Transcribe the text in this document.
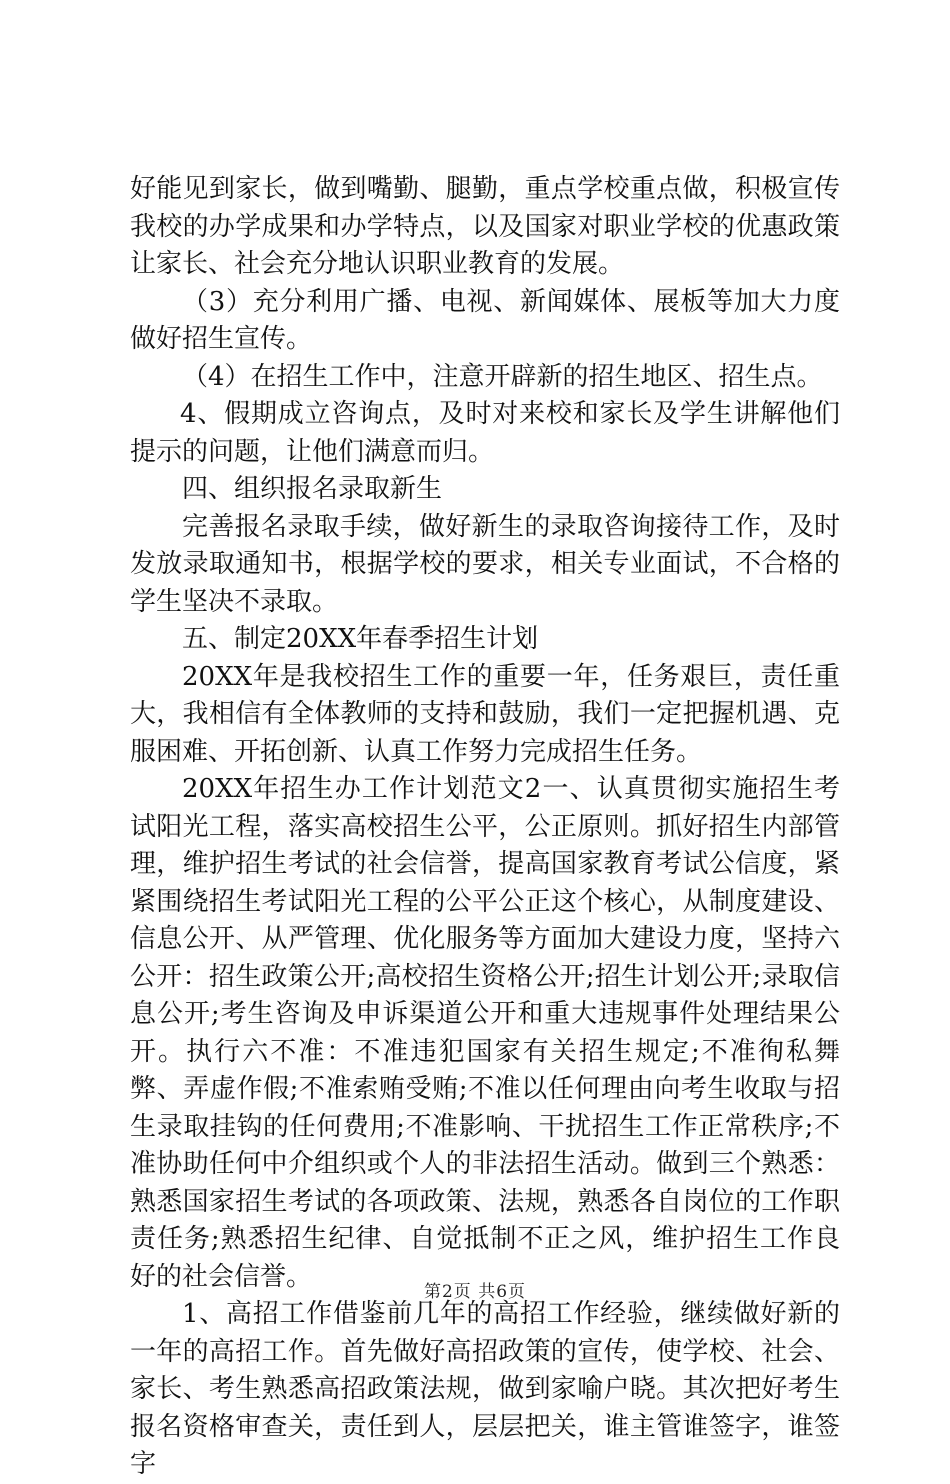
好能见到家长，做到嘴勤、腿勤，重点学校重点做，积极宣传我校的办学成果和办学特点，以及国家对职业学校的优惠政策让家长、社会充分地认识职业教育的发展。

（3）充分利用广播、电视、新闻媒体、展板等加大力度做好招生宣传。

（4）在招生工作中，注意开辟新的招生地区、招生点。

4、假期成立咨询点，及时对来校和家长及学生讲解他们提示的问题，让他们满意而归。

四、组织报名录取新生

完善报名录取手续，做好新生的录取咨询接待工作，及时发放录取通知书，根据学校的要求，相关专业面试，不合格的学生坚决不录取。

五、制定20XX年春季招生计划

20XX年是我校招生工作的重要一年，任务艰巨，责任重大，我相信有全体教师的支持和鼓励，我们一定把握机遇、克服困难、开拓创新、认真工作努力完成招生任务。

20XX年招生办工作计划范文2一、认真贯彻实施招生考试阳光工程，落实高校招生公平，公正原则。抓好招生内部管理，维护招生考试的社会信誉，提高国家教育考试公信度，紧紧围绕招生考试阳光工程的公平公正这个核心，从制度建设、信息公开、从严管理、优化服务等方面加大建设力度，坚持六公开：招生政策公开;高校招生资格公开;招生计划公开;录取信息公开;考生咨询及申诉渠道公开和重大违规事件处理结果公开。执行六不准：不准违犯国家有关招生规定;不准徇私舞弊、弄虚作假;不准索贿受贿;不准以任何理由向考生收取与招生录取挂钩的任何费用;不准影响、干扰招生工作正常秩序;不准协助任何中介组织或个人的非法招生活动。做到三个熟悉：熟悉国家招生考试的各项政策、法规，熟悉各自岗位的工作职责任务;熟悉招生纪律、自觉抵制不正之风，维护招生工作良好的社会信誉。

1、高招工作借鉴前几年的高招工作经验，继续做好新的一年的高招工作。首先做好高招政策的宣传，使学校、社会、家长、考生熟悉高招政策法规，做到家喻户晓。其次把好考生报名资格审查关，责任到人，层层把关，谁主管谁签字，谁签字

第2页 共6页
